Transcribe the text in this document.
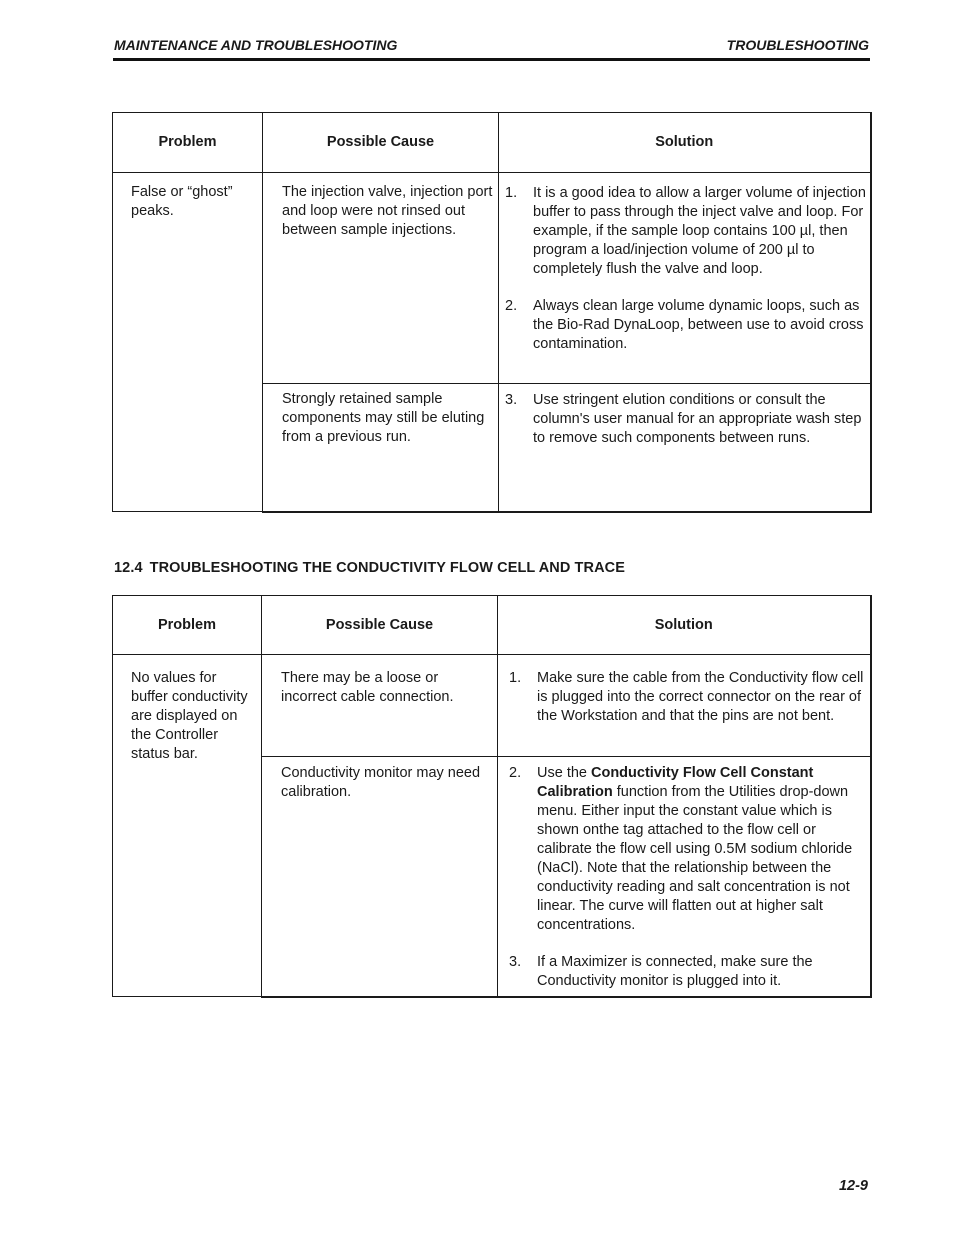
MAINTENANCE AND TROUBLESHOOTING	TROUBLESHOOTING
Problem	Possible Cause	Solution
False or “ghost” peaks.	The injection valve, injection port and loop were not rinsed out between sample injections.	1. It is a good idea to allow a larger volume of injection buffer to pass through the inject valve and loop. For example, if the sample loop contains 100 µl, then program a load/injection volume of 200 µl to completely flush the valve and loop.
2. Always clean large volume dynamic loops, such as the Bio-Rad DynaLoop, between use to avoid cross contamination.

	Strongly retained sample components may still be eluting from a previous run.	3. Use stringent elution conditions or consult the column's user manual for an appropriate wash step to remove such components between runs.
12.4 TROUBLESHOOTING THE CONDUCTIVITY FLOW CELL AND TRACE
Problem	Possible Cause	Solution
No values for buffer conductivity are displayed on the Controller status bar.	There may be a loose or incorrect cable connection.	1. Make sure the cable from the Conductivity flow cell is plugged into the correct connector on the rear of the Workstation and that the pins are not bent.

	Conductivity monitor may need calibration.	2. Use the Conductivity Flow Cell Constant Calibration function from the Utilities drop-down menu. Either input the constant value which is shown onthe tag attached to the flow cell or calibrate the flow cell using 0.5M sodium chloride (NaCl). Note that the relationship between the conductivity reading and salt concentration is not linear. The curve will flatten out at higher salt concentrations.
3. If a Maximizer is connected, make sure the Conductivity monitor is plugged into it.
12-9
